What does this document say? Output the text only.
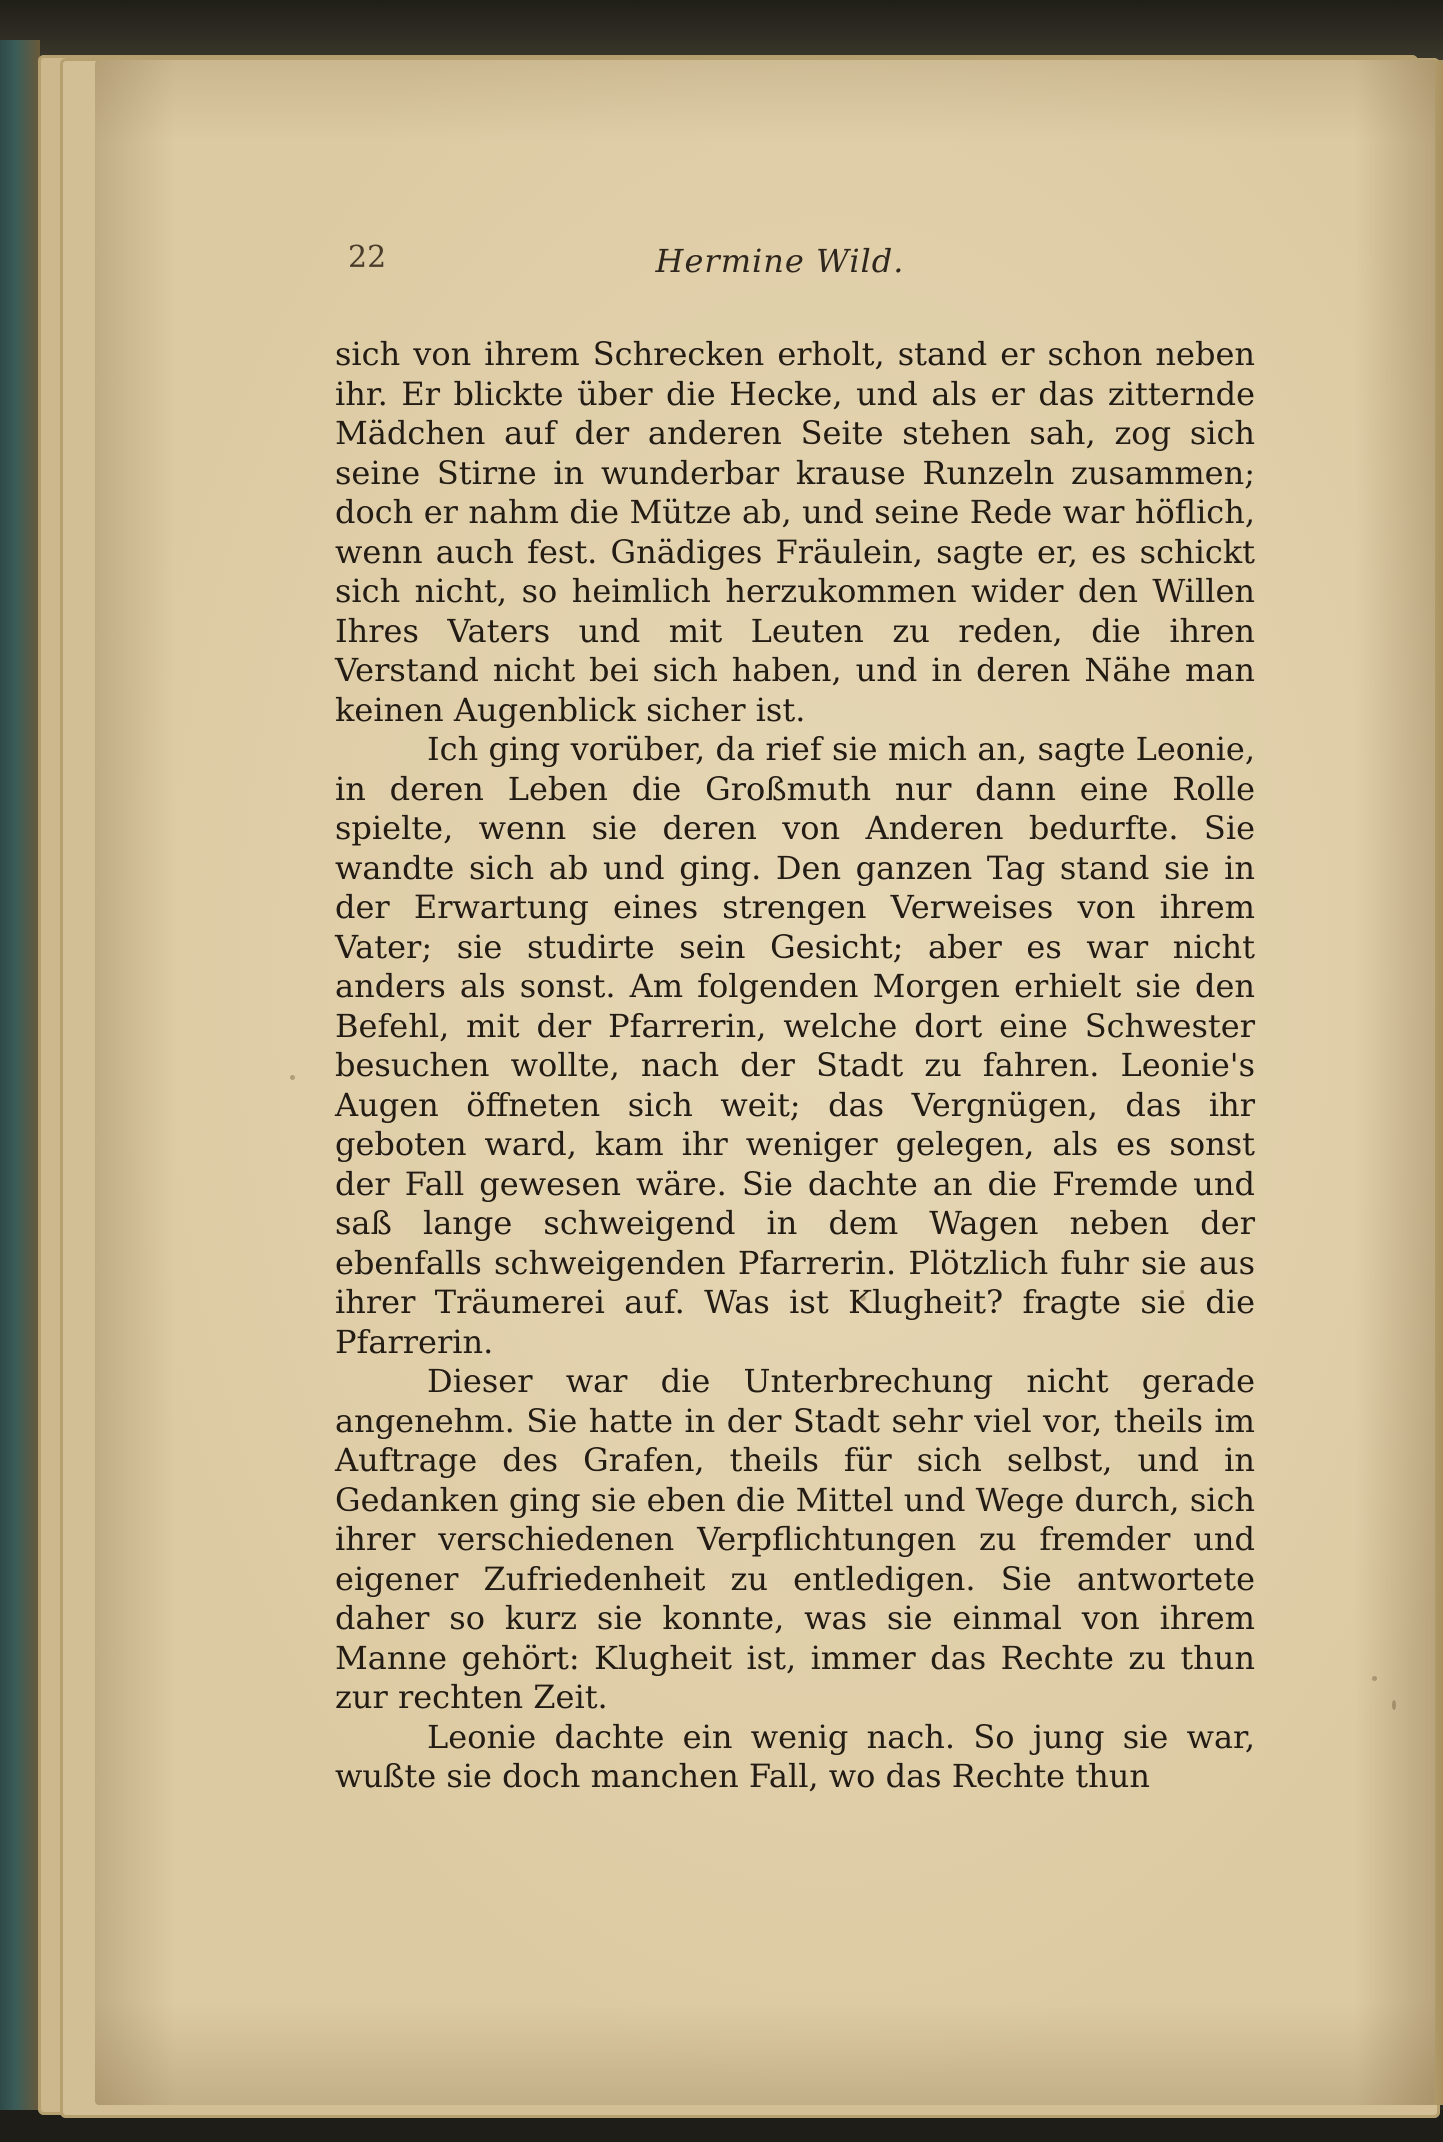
22	Hermine Wild.

sich von ihrem Schrecken erholt, stand er schon neben ihr. Er blickte über die Hecke, und als er das zitternde Mädchen auf der anderen Seite stehen sah, zog sich seine Stirne in wunderbar krause Runzeln zusammen; doch er nahm die Mütze ab, und seine Rede war höflich, wenn auch fest. Gnädiges Fräulein, sagte er, es schickt sich nicht, so heimlich herzukommen wider den Willen Ihres Vaters und mit Leuten zu reden, die ihren Verstand nicht bei sich haben, und in deren Nähe man keinen Augenblick sicher ist.

Ich ging vorüber, da rief sie mich an, sagte Leonie, in deren Leben die Großmuth nur dann eine Rolle spielte, wenn sie deren von Anderen bedurfte. Sie wandte sich ab und ging. Den ganzen Tag stand sie in der Erwartung eines strengen Verweises von ihrem Vater; sie studirte sein Gesicht; aber es war nicht anders als sonst. Am folgenden Morgen erhielt sie den Befehl, mit der Pfarrerin, welche dort eine Schwester besuchen wollte, nach der Stadt zu fahren. Leonie's Augen öffneten sich weit; das Vergnügen, das ihr geboten ward, kam ihr weniger gelegen, als es sonst der Fall gewesen wäre. Sie dachte an die Fremde und saß lange schweigend in dem Wagen neben der ebenfalls schweigenden Pfarrerin. Plötzlich fuhr sie aus ihrer Träumerei auf. Was ist Klugheit? fragte sie die Pfarrerin.

Dieser war die Unterbrechung nicht gerade angenehm. Sie hatte in der Stadt sehr viel vor, theils im Auftrage des Grafen, theils für sich selbst, und in Gedanken ging sie eben die Mittel und Wege durch, sich ihrer verschiedenen Verpflichtungen zu fremder und eigener Zufriedenheit zu entledigen. Sie antwortete daher so kurz sie konnte, was sie einmal von ihrem Manne gehört: Klugheit ist, immer das Rechte zu thun zur rechten Zeit.

Leonie dachte ein wenig nach. So jung sie war, wußte sie doch manchen Fall, wo das Rechte thun
